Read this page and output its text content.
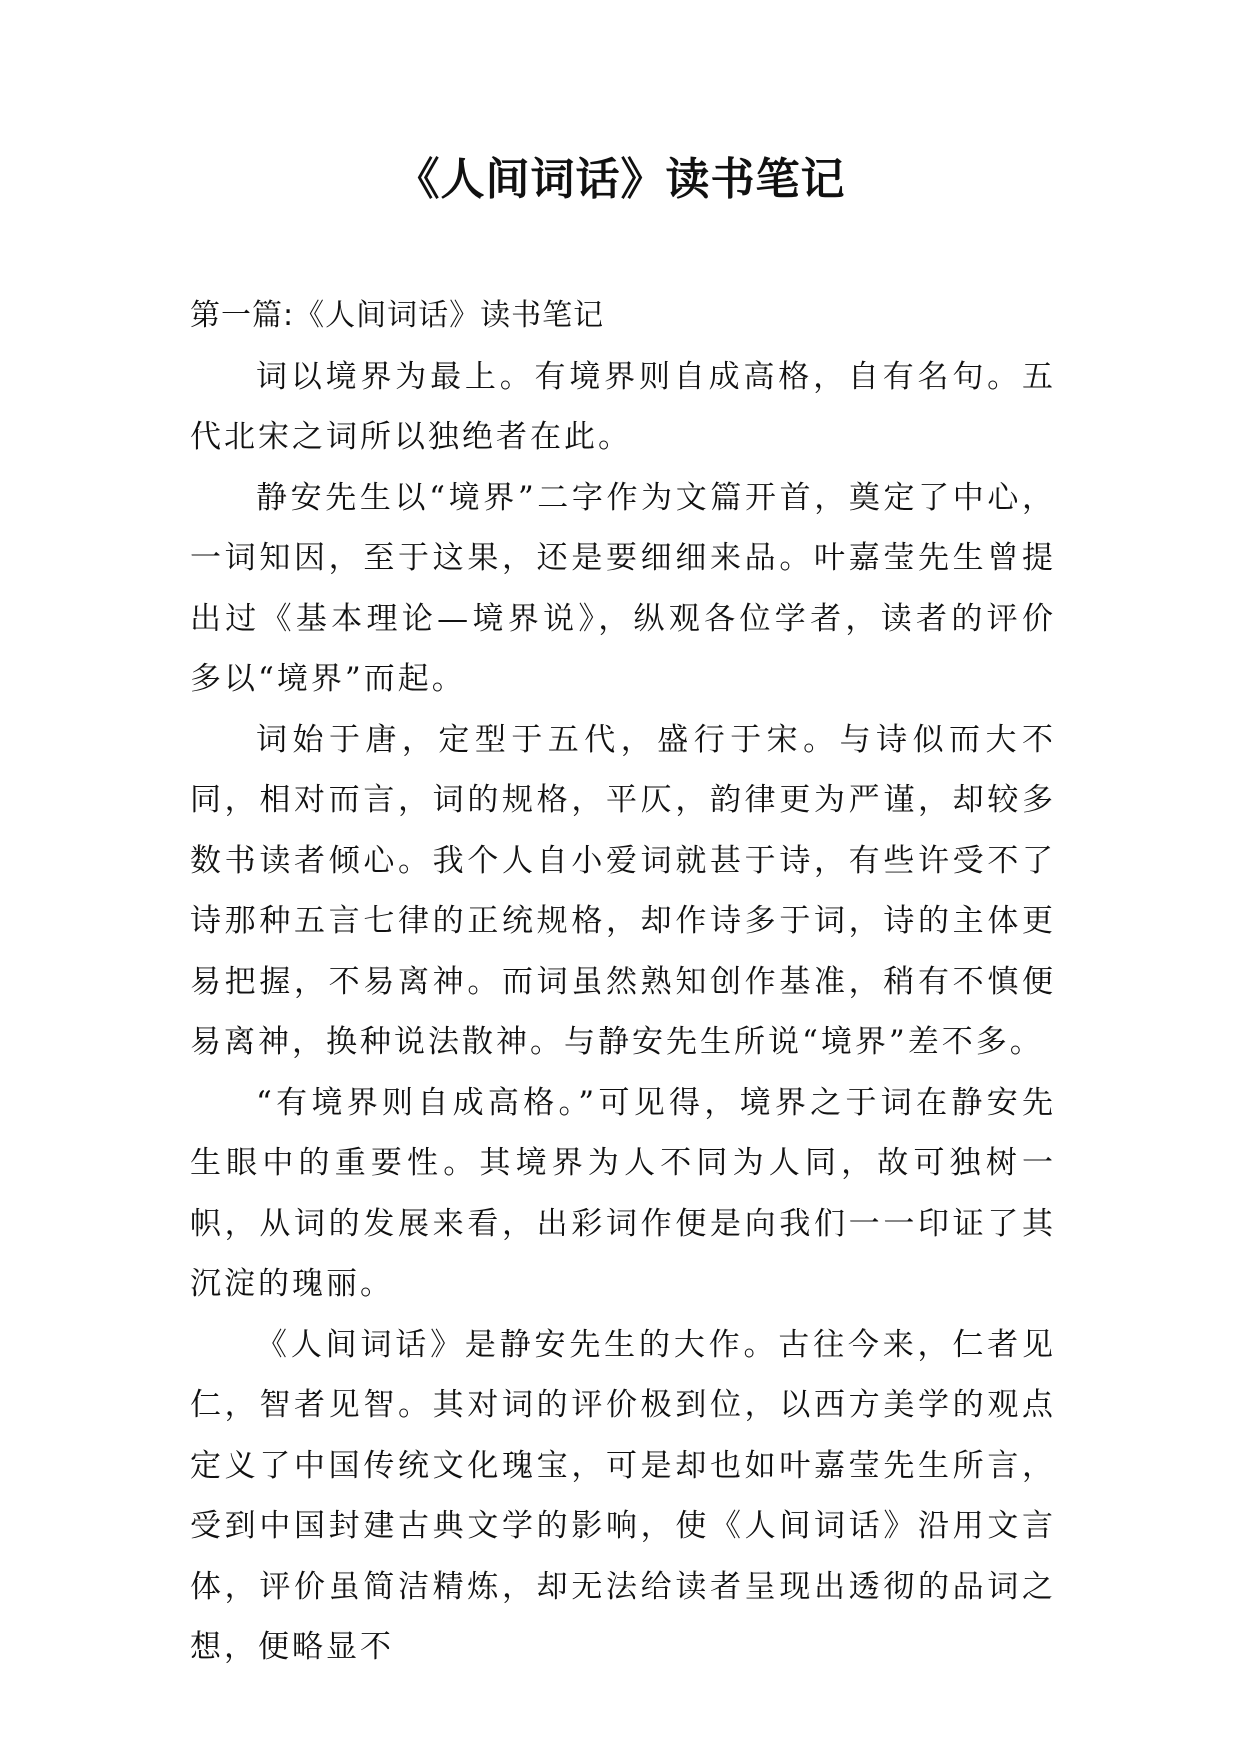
《人间词话》读书笔记

第一篇:《人间词话》读书笔记

词以境界为最上。有境界则自成高格，自有名句。五代北宋之词所以独绝者在此。

静安先生以“境界”二字作为文篇开首，奠定了中心，一词知因，至于这果，还是要细细来品。叶嘉莹先生曾提出过《基本理论—境界说》，纵观各位学者，读者的评价多以“境界”而起。

词始于唐，定型于五代，盛行于宋。与诗似而大不同，相对而言，词的规格，平仄，韵律更为严谨，却较多数书读者倾心。我个人自小爱词就甚于诗，有些许受不了诗那种五言七律的正统规格，却作诗多于词，诗的主体更易把握，不易离神。而词虽然熟知创作基准，稍有不慎便易离神，换种说法散神。与静安先生所说“境界”差不多。

“有境界则自成高格。”可见得，境界之于词在静安先生眼中的重要性。其境界为人不同为人同，故可独树一帜，从词的发展来看，出彩词作便是向我们一一印证了其沉淀的瑰丽。

《人间词话》是静安先生的大作。古往今来，仁者见仁，智者见智。其对词的评价极到位，以西方美学的观点定义了中国传统文化瑰宝，可是却也如叶嘉莹先生所言，受到中国封建古典文学的影响，使《人间词话》沿用文言体，评价虽简洁精炼，却无法给读者呈现出透彻的品词之想，便略显不
